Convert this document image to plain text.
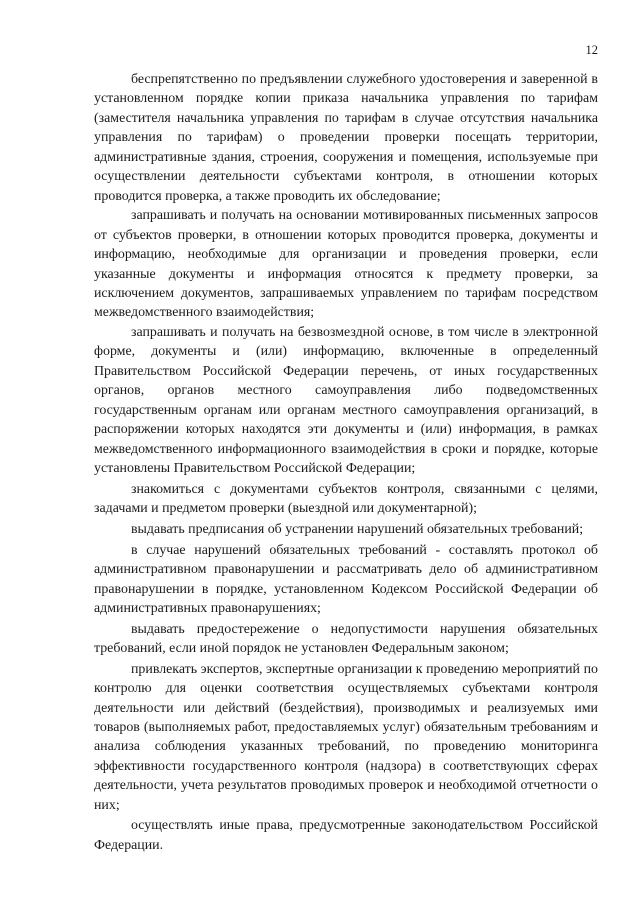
12

беспрепятственно по предъявлении служебного удостоверения и заверенной в установленном порядке копии приказа начальника управления по тарифам (заместителя начальника управления по тарифам в случае отсутствия начальника управления по тарифам) о проведении проверки посещать территории, административные здания, строения, сооружения и помещения, используемые при осуществлении деятельности субъектами контроля, в отношении которых проводится проверка, а также проводить их обследование;

запрашивать и получать на основании мотивированных письменных запросов от субъектов проверки, в отношении которых проводится проверка, документы и информацию, необходимые для организации и проведения проверки, если указанные документы и информация относятся к предмету проверки, за исключением документов, запрашиваемых управлением по тарифам посредством межведомственного взаимодействия;

запрашивать и получать на безвозмездной основе, в том числе в электронной форме, документы и (или) информацию, включенные в определенный Правительством Российской Федерации перечень, от иных государственных органов, органов местного самоуправления либо подведомственных государственным органам или органам местного самоуправления организаций, в распоряжении которых находятся эти документы и (или) информация, в рамках межведомственного информационного взаимодействия в сроки и порядке, которые установлены Правительством Российской Федерации;

знакомиться с документами субъектов контроля, связанными с целями, задачами и предметом проверки (выездной или документарной);

выдавать предписания об устранении нарушений обязательных требований;

в случае нарушений обязательных требований - составлять протокол об административном правонарушении и рассматривать дело об административном правонарушении в порядке, установленном Кодексом Российской Федерации об административных правонарушениях;

выдавать предостережение о недопустимости нарушения обязательных требований, если иной порядок не установлен Федеральным законом;

привлекать экспертов, экспертные организации к проведению мероприятий по контролю для оценки соответствия осуществляемых субъектами контроля деятельности или действий (бездействия), производимых и реализуемых ими товаров (выполняемых работ, предоставляемых услуг) обязательным требованиям и анализа соблюдения указанных требований, по проведению мониторинга эффективности государственного контроля (надзора) в соответствующих сферах деятельности, учета результатов проводимых проверок и необходимой отчетности о них;

осуществлять иные права, предусмотренные законодательством Российской Федерации.
